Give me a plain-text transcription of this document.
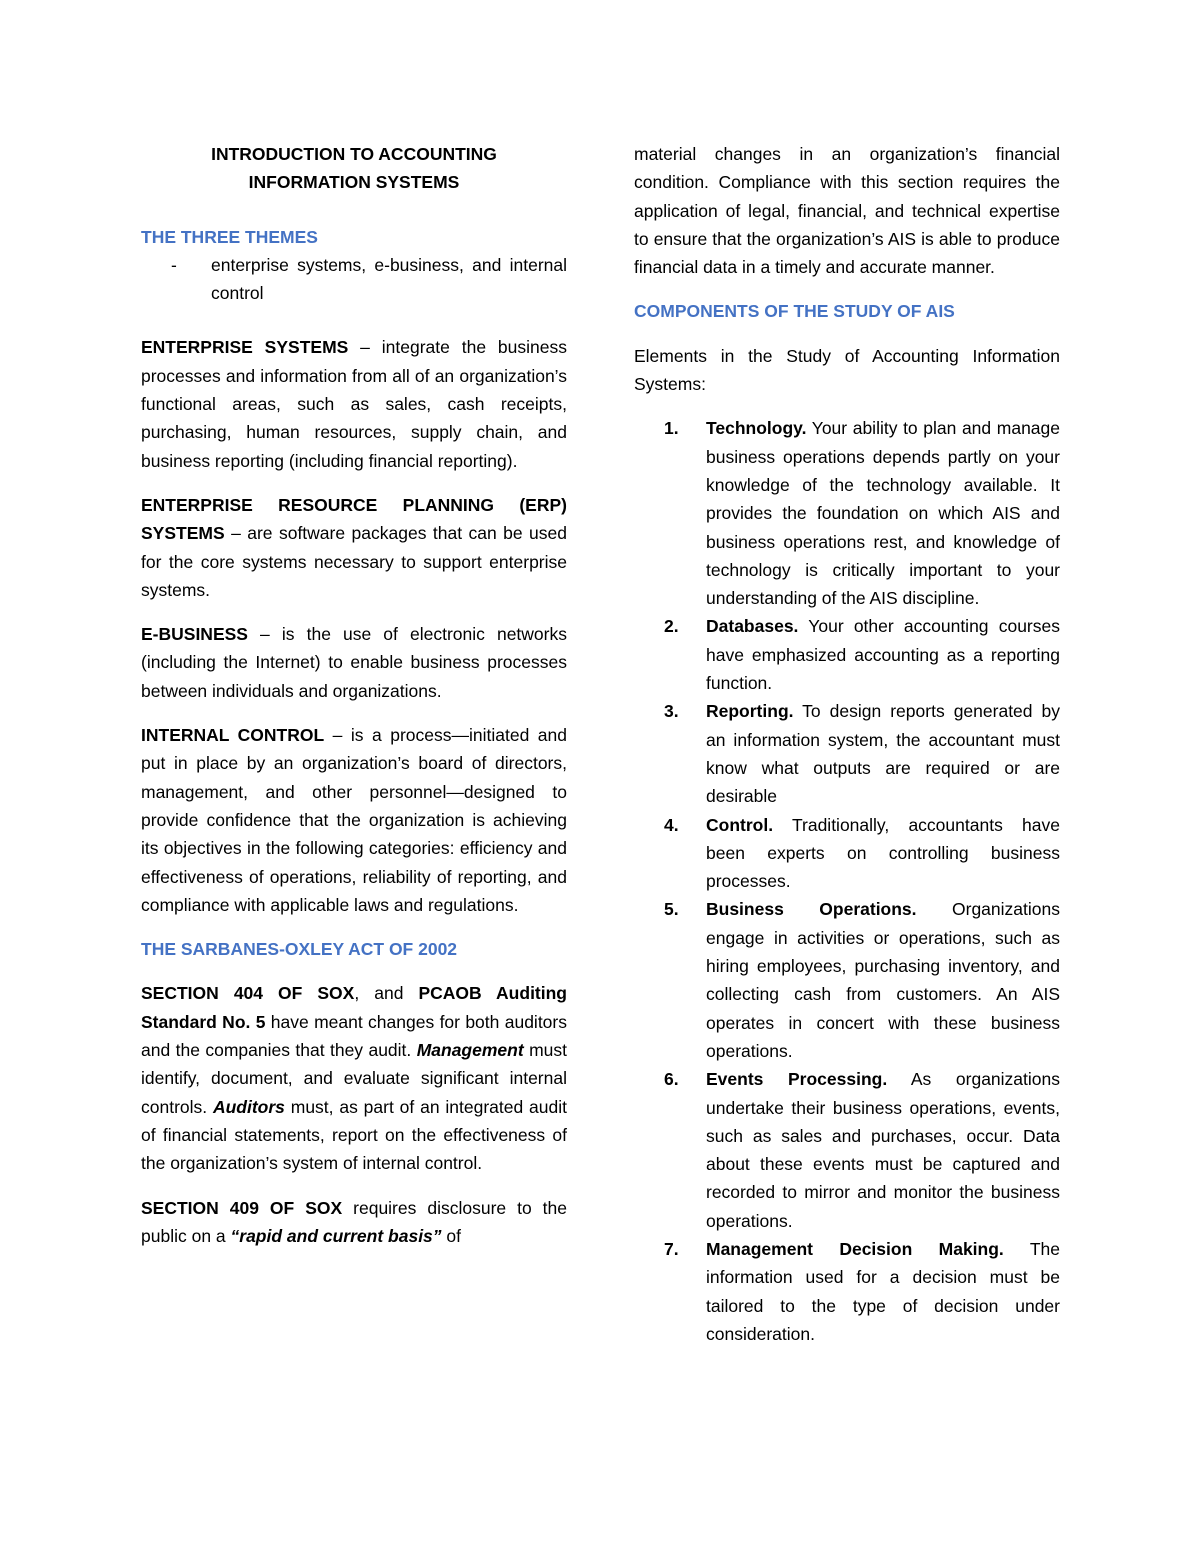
INTRODUCTION TO ACCOUNTING

INFORMATION SYSTEMS

THE THREE THEMES

-	enterprise systems, e-business, and internal control

ENTERPRISE SYSTEMS – integrate the business processes and information from all of an organization’s functional areas, such as sales, cash receipts, purchasing, human resources, supply chain, and business reporting (including financial reporting).

ENTERPRISE RESOURCE PLANNING (ERP) SYSTEMS – are software packages that can be used for the core systems necessary to support enterprise systems.

E-BUSINESS – is the use of electronic networks (including the Internet) to enable business processes between individuals and organizations.

INTERNAL CONTROL – is a process—initiated and put in place by an organization’s board of directors, management, and other personnel—designed to provide confidence that the organization is achieving its objectives in the following categories: efficiency and effectiveness of operations, reliability of reporting, and compliance with applicable laws and regulations.

THE SARBANES-OXLEY ACT OF 2002

SECTION 404 OF SOX, and PCAOB Auditing Standard No. 5 have meant changes for both auditors and the companies that they audit. Management must identify, document, and evaluate significant internal controls. Auditors must, as part of an integrated audit of financial statements, report on the effectiveness of the organization’s system of internal control.

SECTION 409 OF SOX requires disclosure to the public on a “rapid and current basis” of

material changes in an organization’s financial condition. Compliance with this section requires the application of legal, financial, and technical expertise to ensure that the organization’s AIS is able to produce financial data in a timely and accurate manner.

COMPONENTS OF THE STUDY OF AIS

Elements in the Study of Accounting Information Systems:

1.	Technology. Your ability to plan and manage business operations depends partly on your knowledge of the technology available. It provides the foundation on which AIS and business operations rest, and knowledge of technology is critically important to your understanding of the AIS discipline.
2.	Databases. Your other accounting courses have emphasized accounting as a reporting function.
3.	Reporting. To design reports generated by an information system, the accountant must know what outputs are required or are desirable
4.	Control. Traditionally, accountants have been experts on controlling business processes.
5.	Business Operations. Organizations engage in activities or operations, such as hiring employees, purchasing inventory, and collecting cash from customers. An AIS operates in concert with these business operations.
6.	Events Processing. As organizations undertake their business operations, events, such as sales and purchases, occur. Data about these events must be captured and recorded to mirror and monitor the business operations.
7.	Management Decision Making. The information used for a decision must be tailored to the type of decision under consideration.
